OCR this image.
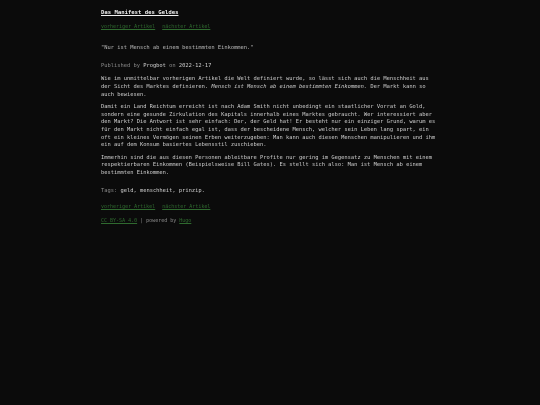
Das Manifest des Geldes
vorheriger Artikel nächster Artikel
"Nur ist Mensch ab einem bestimmten Einkommen."
Published by Progbot on 2022-12-17

Wie im unmittelbar vorherigen Artikel die Welt definiert wurde, so lässt sich auch die Menschheit aus der Sicht des Marktes definieren. Mensch ist Mensch ab einem bestimmten Einkommen. Der Markt kann so auch bewiesen.

Damit ein Land Reichtum erreicht ist nach Adam Smith nicht unbedingt ein staatlicher Vorrat an Gold, sondern eine gesunde Zirkulation des Kapitals innerhalb eines Marktes gebraucht. Wer interessiert aber den Markt? Die Antwort ist sehr einfach: Der, der Geld hat! Er besteht nur ein einziger Grund, warum es für den Markt nicht einfach egal ist, dass der bescheidene Mensch, welcher sein Leben lang spart, ein oft ein kleines Vermögen seinen Erben weiterzugeben: Man kann auch diesen Menschen manipulieren und ihm ein auf dem Konsum basiertes Lebensstil zuschieben.

Immerhin sind die aus diesen Personen ableitbare Profite nur gering im Gegensatz zu Menschen mit einem respektierbaren Einkommen (Beispielsweise Bill Gates). Es stellt sich also: Man ist Mensch ab einem bestimmten Einkommen.

Tags: geld, menschheit, prinzip.
vorheriger Artikel nächster Artikel
CC BY-SA 4.0 | powered by Hugo
